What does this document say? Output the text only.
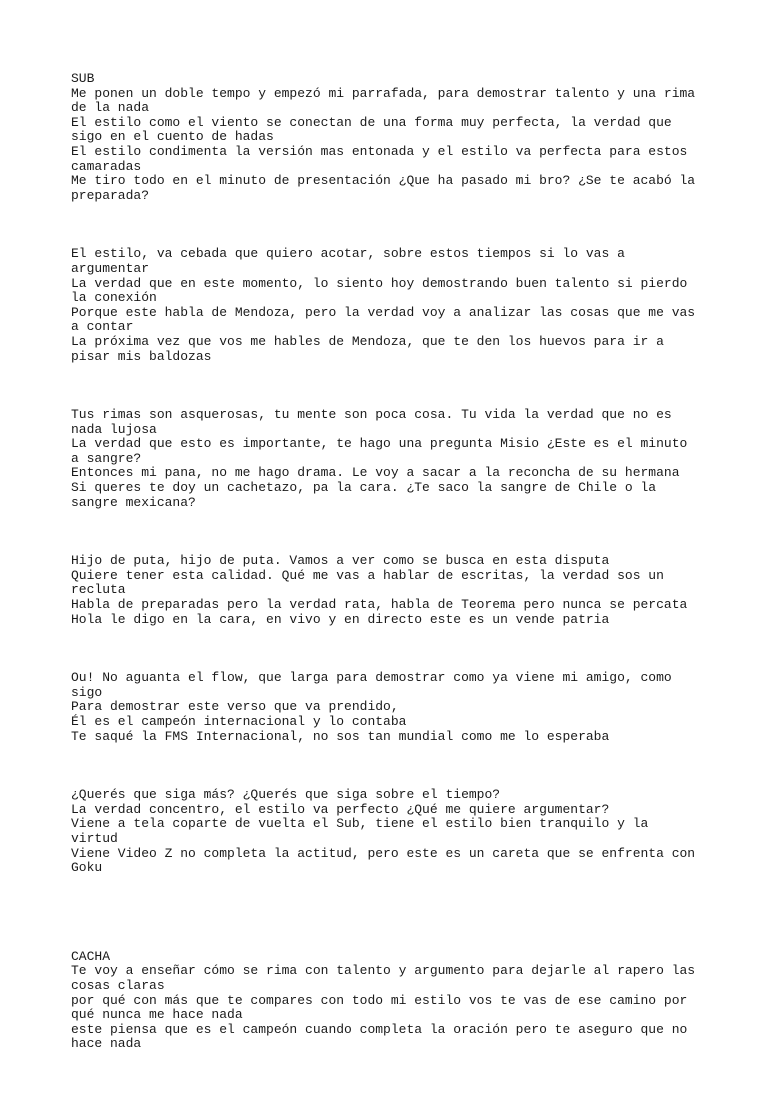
SUB

Me ponen un doble tempo y empezó mi parrafada, para demostrar talento y una rima de la nada

El estilo como el viento se conectan de una forma muy perfecta, la verdad que sigo en el cuento de hadas

El estilo condimenta la versión mas entonada y el estilo va perfecta para estos camaradas

Me tiro todo en el minuto de presentación ¿Que ha pasado mi bro? ¿Se te acabó la preparada?

El estilo, va cebada que quiero acotar, sobre estos tiempos si lo vas a argumentar

La verdad que en este momento, lo siento hoy demostrando buen talento si pierdo la conexión

Porque este habla de Mendoza, pero la verdad voy a analizar las cosas que me vas a contar

La próxima vez que vos me hables de Mendoza, que te den los huevos para ir a pisar mis baldozas

Tus rimas son asquerosas, tu mente son poca cosa. Tu vida la verdad que no es nada lujosa

La verdad que esto es importante, te hago una pregunta Misio ¿Este es el minuto a sangre?

Entonces mi pana, no me hago drama. Le voy a sacar a la reconcha de su hermana

Si queres te doy un cachetazo, pa la cara. ¿Te saco la sangre de Chile o la sangre mexicana?

Hijo de puta, hijo de puta. Vamos a ver como se busca en esta disputa

Quiere tener esta calidad. Qué me vas a hablar de escritas, la verdad sos un recluta

Habla de preparadas pero la verdad rata, habla de Teorema pero nunca se percata

Hola le digo en la cara, en vivo y en directo este es un vende patria

Ou! No aguanta el flow, que larga para demostrar como ya viene mi amigo, como sigo

Para demostrar este verso que va prendido,

Él es el campeón internacional y lo contaba

Te saqué la FMS Internacional, no sos tan mundial como me lo esperaba

¿Querés que siga más? ¿Querés que siga sobre el tiempo?

La verdad concentro, el estilo va perfecto ¿Qué me quiere argumentar?

Viene a tela copart​e de vuelta el Sub, tiene el estilo bien tranquilo y la virtud

Viene Video Z no completa la actitud, pero este es un careta que se enfrenta con Goku

CACHA

Te voy a enseñar cómo se rima con talento y argumento para dejarle al rapero las cosas claras

por qué con más que te compares con todo mi estilo vos te vas de ese camino por qué nunca me hace nada

este piensa que es el campeón cuando completa la oración pero te aseguro que no hace nada
